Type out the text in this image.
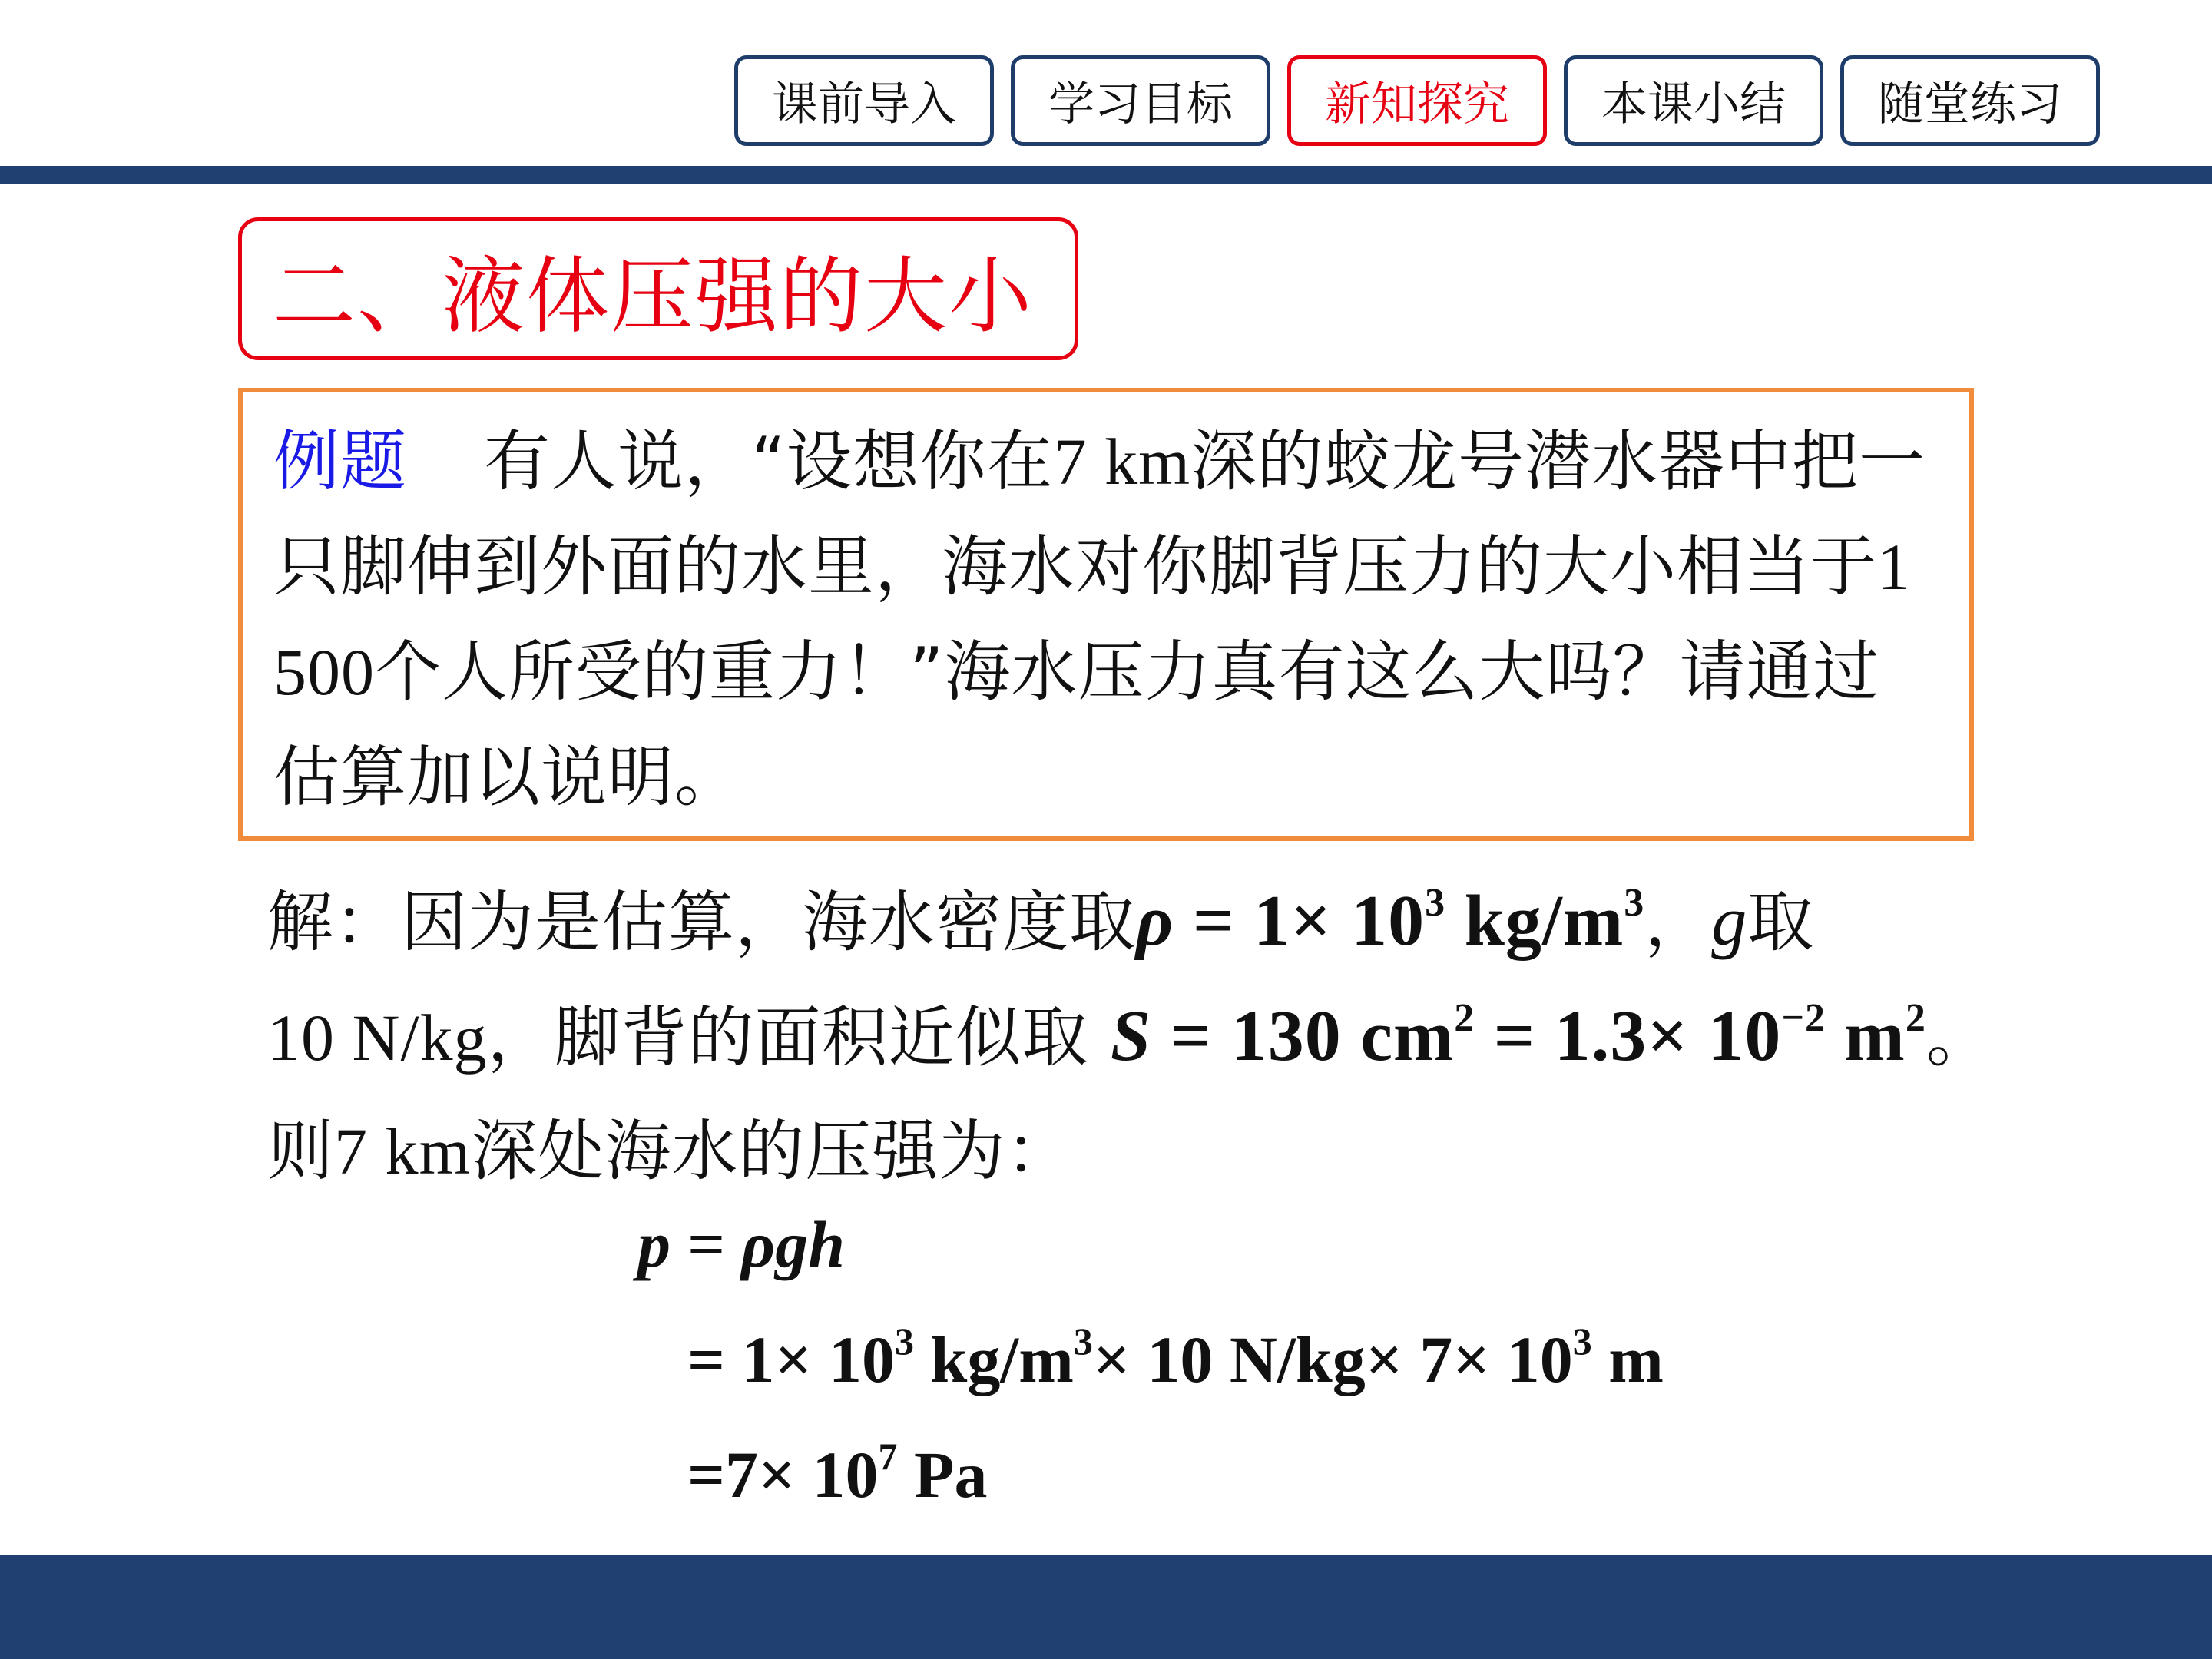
课前导入	学习目标	新知探究	本课小结	随堂练习
二、液体压强的大小

例题 有人说，“设想你在7 km深的蛟龙号潜水器中把一只脚伸到外面的水里，海水对你脚背压力的大小相当于1 500个人所受的重力！”海水压力真有这么大吗？请通过估算加以说明。

解：因为是估算，海水密度取$\rho = 1\times 10^3$ $kg/m^3$，g取

10 N/kg，脚背的面积近似取 S = 130 $cm^2 = 1.3\times 10^{-2}$ $m^2$。

则7 km深处海水的压强为：

p = ρgh
= $1\times 10^3$ $kg/m^3\times 10$ $N/kg\times 7\times 10^3$ m
$=7\times 10^7$ Pa
